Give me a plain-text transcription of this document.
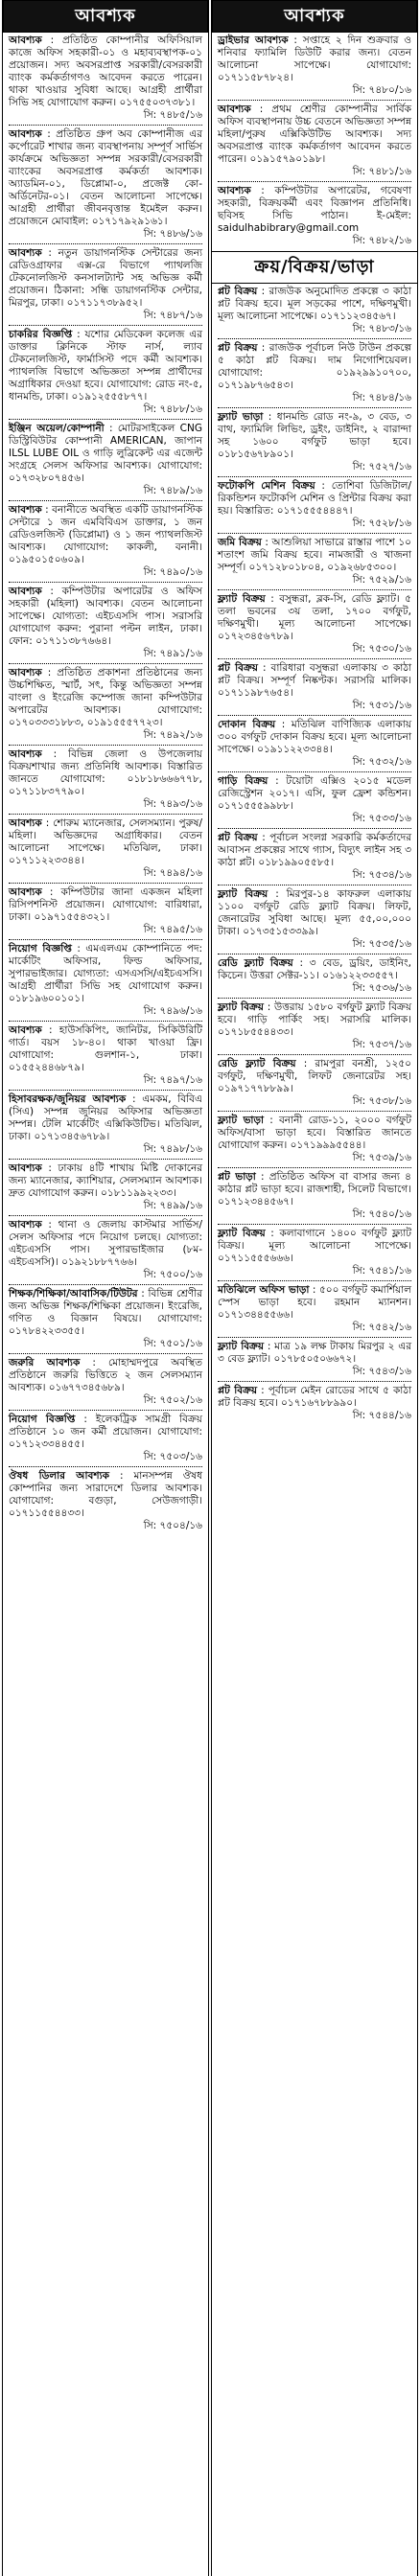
আবশ্যক
আবশ্যক : প্রতিষ্ঠিত কোম্পানীর অফিসিয়াল কাজে অফিস সহকারী-০১ ও মহাব্যবস্থাপক-০১ প্রয়োজন। সদ্য অবসরপ্রাপ্ত সরকারী/বেসরকারী ব্যাংক কর্মকর্তাগণও আবেদন করতে পারেন। থাকা খাওয়ার সুবিধা আছে। আগ্রহী প্রার্থীরা সিভি সহ যোগাযোগ করুন। ০১৭৫৫০৩৭৩৮১।
সি: ৭৪৮৫/১৬
আবশ্যক : প্রতিষ্ঠিত গ্রুপ অব কোম্পানীজ এর কর্পোরেট শাখার জন্য ব্যবস্থাপনায় সম্পূর্ণ সার্ভিস কার্যক্রমে অভিজ্ঞতা সম্পন্ন সরকারী/বেসরকারী ব্যাংকের অবসরপ্রাপ্ত কর্মকর্তা আবশ্যক। অ্যাডমিন-০১, ডিপ্লোমা-০, প্রজেক্ট কো-অর্ডিনেটর-০১। বেতন আলোচনা সাপেক্ষে। আগ্রহী প্রার্থীরা জীবনবৃত্তান্ত ইমেইল করুন। প্রয়োজনে মোবাইল: ০১৭১৭৯২৯১৬১।
সি: ৭৪৮৬/১৬
আবশ্যক : নতুন ডায়াগনস্টিক সেন্টারের জন্য রেডিওগ্রাফার এক্স-রে বিভাগে প্যাথলজি টেকনোলজিস্ট কনসালট্যান্ট সহ অভিজ্ঞ কর্মী প্রয়োজন। ঠিকানা: সন্ধি ডায়াগনস্টিক সেন্টার, মিরপুর, ঢাকা। ০১৭১১৭৩৮৯৫২।
সি: ৭৪৮৭/১৬
চাকরির বিজ্ঞপ্তি : যশোর মেডিকেল কলেজ এর ডাক্তার ক্লিনিকে স্টাফ নার্স, ল্যাব টেকনোলজিস্ট, ফার্মাসিস্ট পদে কর্মী আবশ্যক। প্যাথলজি বিভাগে অভিজ্ঞতা সম্পন্ন প্রার্থীদের অগ্রাধিকার দেওয়া হবে। যোগাযোগ: রোড নং-৫, ধানমন্ডি, ঢাকা। ০১৯১২৫৫৫৮৭৭।
সি: ৭৪৮৮/১৬
ইঞ্জিন অয়েল/কোম্পানী : মোটরসাইকেল CNG ডিস্ট্রিবিউটর কোম্পানী AMERICAN, জাপান ILSL LUBE OIL ও গাড়ি লুব্রিকেন্ট এর এজেন্ট সংগ্রহে সেলস অফিসার আবশ্যক। যোগাযোগ: ০১৭৩২৮০৭৪৫৬।
সি: ৭৪৮৯/১৬
আবশ্যক : বনানীতে অবস্থিত একটি ডায়াগনস্টিক সেন্টারে ১ জন এমবিবিএস ডাক্তার, ১ জন রেডিওলজিস্ট (ডিপ্লোমা) ও ১ জন প্যাথলজিস্ট আবশ্যক। যোগাযোগ: কাকলী, বনানী। ০১৯৫০১৫০৬০৯।
সি: ৭৪৯০/১৬
আবশ্যক : কম্পিউটার অপারেটর ও অফিস সহকারী (মহিলা) আবশ্যক। বেতন আলোচনা সাপেক্ষে। যোগ্যতা: এইচএসসি পাস। সরাসরি যোগাযোগ করুন: পুরানা পল্টন লাইন, ঢাকা। ফোন: ০১৭১১৩৮৭৬৬৪।
সি: ৭৪৯১/১৬
আবশ্যক : প্রতিষ্ঠিত প্রকাশনা প্রতিষ্ঠানের জন্য উচ্চশিক্ষিত, স্মার্ট, সৎ, কিন্তু অভিজ্ঞতা সম্পন্ন বাংলা ও ইংরেজি কম্পোজ জানা কম্পিউটার অপারেটর আবশ্যক। যোগাযোগ: ০১৭০৩৩৩১৮৮৩, ০১৯১৫৫৫৭৭২৩।
সি: ৭৪৯২/১৬
আবশ্যক : বিভিন্ন জেলা ও উপজেলায় বিক্রয়শাখার জন্য প্রতিনিধি আবশ্যক। বিস্তারিত জানতে যোগাযোগ: ০১৮১৮৬৬৬৭৭৮, ০১৭১১৮৩৭৭৯০।
সি: ৭৪৯৩/১৬
আবশ্যক : শোরুম ম্যানেজার, সেলসম্যান। পুরুষ/মহিলা। অভিজ্ঞদের অগ্রাধিকার। বেতন আলোচনা সাপেক্ষে। মতিঝিল, ঢাকা। ০১৭১১২২৩৩৪৪।
সি: ৭৪৯৪/১৬
আবশ্যক : কম্পিউটার জানা একজন মহিলা রিসিপশনিস্ট প্রয়োজন। যোগাযোগ: বারিধারা, ঢাকা। ০১৯৭১৫৫৪৩২১।
সি: ৭৪৯৫/১৬
নিয়োগ বিজ্ঞপ্তি : এমএলএম কোম্পানিতে পদ: মার্কেটিং অফিসার, ফিল্ড অফিসার, সুপারভাইজার। যোগ্যতা: এসএসসি/এইচএসসি। আগ্রহী প্রার্থীরা সিভি সহ যোগাযোগ করুন। ০১৮১৯৬০০১০১।
সি: ৭৪৯৬/১৬
আবশ্যক : হাউসকিপিং, জানিটর, সিকিউরিটি গার্ড। বয়স ১৮-৪০। থাকা খাওয়া ফ্রি। যোগাযোগ: গুলশান-১, ঢাকা। ০১৫৫২৪৪৬৮৭৯।
সি: ৭৪৯৭/১৬
হিসাবরক্ষক/জুনিয়র আবশ্যক : এমকম, বিবিএ (সিএ) সম্পন্ন জুনিয়র অফিসার অভিজ্ঞতা সম্পন্ন। টেলি মার্কেটিং এক্সিকিউটিভ। মতিঝিল, ঢাকা। ০১৭১৩৪৫৬৭৮৯।
সি: ৭৪৯৮/১৬
আবশ্যক : ঢাকায় ৪টি শাখায় মিষ্টি দোকানের জন্য ম্যানেজার, ক্যাশিয়ার, সেলসম্যান আবশ্যক। দ্রুত যোগাযোগ করুন। ০১৮১১৯৯২২৩৩।
সি: ৭৪৯৯/১৬
আবশ্যক : থানা ও জেলায় কাস্টমার সার্ভিস/সেলস অফিসার পদে নিয়োগ চলছে। যোগ্যতা: এইচএসসি পাস। সুপারভাইজার (৮ম-এইচএসসি)। ০১৯২১৮৮৭৭৬৬।
সি: ৭৫০০/১৬
শিক্ষক/শিক্ষিকা/আবাসিক/টিউটর : বিভিন্ন শ্রেণীর জন্য অভিজ্ঞ শিক্ষক/শিক্ষিকা প্রয়োজন। ইংরেজি, গণিত ও বিজ্ঞান বিষয়ে। যোগাযোগ: ০১৭৮৪২২৩৩৫৫।
সি: ৭৫০১/১৬
জরুরি আবশ্যক : মোহাম্মদপুরে অবস্থিত প্রতিষ্ঠানে জরুরি ভিত্তিতে ২ জন সেলসম্যান আবশ্যক। ০১৬৭৭৩৪৫৬৮৯।
সি: ৭৫০২/১৬
নিয়োগ বিজ্ঞপ্তি : ইলেকট্রিক সামগ্রী বিক্রয় প্রতিষ্ঠানে ১০ জন কর্মী প্রয়োজন। যোগাযোগ: ০১৭১২৩৩৪৪৫৫।
সি: ৭৫০৩/১৬
ঔষধ ডিলার আবশ্যক : মানসম্পন্ন ঔষধ কোম্পানির জন্য সারাদেশে ডিলার আবশ্যক। যোগাযোগ: বগুড়া, সেউজগাড়ী। ০১৭১১৫৫৪৪৩৩।
সি: ৭৫০৪/১৬
আবশ্যক
ড্রাইভার আবশ্যক : সপ্তাহে ২ দিন শুক্রবার ও শনিবার ফ্যামিলি ডিউটি করার জন্য। বেতন আলোচনা সাপেক্ষে। যোগাযোগ: ০১৭১১৫৮৭৮২৪।
সি: ৭৪৮০/১৬
আবশ্যক : প্রথম শ্রেণীর কোম্পানীর সার্বিক অফিস ব্যবস্থাপনায় উচ্চ বেতনে অভিজ্ঞতা সম্পন্ন মহিলা/পুরুষ এক্সিকিউটিভ আবশ্যক। সদ্য অবসরপ্রাপ্ত ব্যাংক কর্মকর্তাগণ আবেদন করতে পারেন। ০১৯১৫৭৯০১৯৮।
সি: ৭৪৮১/১৬
আবশ্যক : কম্পিউটার অপারেটর, গবেষণা সহকারী, বিক্রয়কর্মী এবং বিজ্ঞাপন প্রতিনিধি। ছবিসহ সিভি পাঠান। ই-মেইল: saidulhabibrary@gmail.com
সি: ৭৪৮২/১৬
ক্রয়/বিক্রয়/ভাড়া
প্লট বিক্রয় : রাজউক অনুমোদিত প্রকল্পে ৩ কাঠা প্লট বিক্রয় হবে। মূল সড়কের পাশে, দক্ষিণমুখী। মূল্য আলোচনা সাপেক্ষে। ০১৭১১২৩৪৫৬৭।
সি: ৭৪৮৩/১৬
প্লট বিক্রয় : রাজউক পূর্বাচল নিউ টাউন প্রকল্পে ৫ কাঠা প্লট বিক্রয়। দাম নিগোশিয়েবল। যোগাযোগ: ০১৯২৯৯১০৭০০, ০১৭১৯৮৭৬৫৪৩।
সি: ৭৪৮৪/১৬
ফ্ল্যাট ভাড়া : ধানমন্ডি রোড নং-৯, ৩ বেড, ৩ বাথ, ফ্যামিলি লিভিং, ড্রইং, ডাইনিং, ২ বারান্দা সহ ১৬০০ বর্গফুট ভাড়া হবে। ০১৮১৫৬৭৮৯০১।
সি: ৭৫২৭/১৬
ফটোকপি মেশিন বিক্রয় : তোশিবা ডিজিটাল/রিকন্ডিশন ফটোকপি মেশিন ও প্রিন্টার বিক্রয় করা হয়। বিস্তারিত: ০১৭১৫৫৫৪৪৪৭।
সি: ৭৫২৮/১৬
জমি বিক্রয় : আশুলিয়া সাভারে রাস্তার পাশে ১০ শতাংশ জমি বিক্রয় হবে। নামজারী ও খাজনা সম্পূর্ণ। ০১৭১২৮০১৮০৪, ০১৯২৬৮৫৩০০।
সি: ৭৫২৯/১৬
ফ্ল্যাট বিক্রয় : বসুন্ধরা, ব্লক-সি, রেডি ফ্ল্যাট। ৫ তলা ভবনের ৩য় তলা, ১৭০০ বর্গফুট, দক্ষিণমুখী। মূল্য আলোচনা সাপেক্ষে। ০১৭২৩৪৫৬৭৮৯।
সি: ৭৫৩০/১৬
প্লট বিক্রয় : বারিধারা বসুন্ধরা এলাকায় ৩ কাঠা প্লট বিক্রয়। সম্পূর্ণ নিষ্কণ্টক। সরাসরি মালিক। ০১৭১১৯৮৭৬৫৪।
সি: ৭৫৩১/১৬
দোকান বিক্রয় : মতিঝিল বাণিজ্যিক এলাকায় ৩০০ বর্গফুট দোকান বিক্রয় হবে। মূল্য আলোচনা সাপেক্ষে। ০১৯১১২২৩৩৪৪।
সি: ৭৫৩২/১৬
গাড়ি বিক্রয় : টয়োটা এক্সিও ২০১৫ মডেল রেজিস্ট্রেশন ২০১৭। এসি, ফুল ফ্রেশ কন্ডিশন। ০১৭১৫৫৫৯৯৮৮।
সি: ৭৫৩৩/১৬
প্লট বিক্রয় : পূর্বাচল সংলগ্ন সরকারি কর্মকর্তাদের আবাসন প্রকল্পের সাথে গ্যাস, বিদ্যুৎ লাইন সহ ৩ কাঠা প্লট। ০১৮১৯৯০৫৫৮৫।
সি: ৭৫৩৪/১৬
ফ্ল্যাট বিক্রয় : মিরপুর-১৪ কাফরুল এলাকায় ১১০০ বর্গফুট রেডি ফ্ল্যাট বিক্রয়। লিফট, জেনারেটর সুবিধা আছে। মূল্য ৫৫,০০,০০০ টাকা। ০১৭৩৫১৫৩৩৯৯।
সি: ৭৫৩৫/১৬
রেডি ফ্ল্যাট বিক্রয় : ৩ বেড, ড্রয়িং, ডাইনিং, কিচেন। উত্তরা সেক্টর-১১। ০১৬১২২৩৩৫৫৭।
সি: ৭৫৩৬/১৬
ফ্ল্যাট বিক্রয় : উত্তরায় ১৫৮০ বর্গফুট ফ্ল্যাট বিক্রয় হবে। গাড়ি পার্কিং সহ। সরাসরি মালিক। ০১৭১৮৫৫৪৪৩৩।
সি: ৭৫৩৭/১৬
রেডি ফ্ল্যাট বিক্রয় : রামপুরা বনশ্রী, ১২৫০ বর্গফুট, দক্ষিণমুখী, লিফট জেনারেটর সহ। ০১৯৭১৭৭৮৮৯৯।
সি: ৭৫৩৮/১৬
ফ্ল্যাট ভাড়া : বনানী রোড-১১, ২০০০ বর্গফুট অফিস/বাসা ভাড়া হবে। বিস্তারিত জানতে যোগাযোগ করুন। ০১৭১৯৯৯৫৫৪৪।
সি: ৭৫৩৯/১৬
প্লট ভাড়া : প্রতিষ্ঠিত অফিস বা বাসার জন্য ৪ কাঠার প্লট ভাড়া হবে। রাজশাহী, সিলেট বিভাগে। ০১৭১২৩৪৪৫৬৭।
সি: ৭৫৪০/১৬
ফ্ল্যাট বিক্রয় : কলাবাগানে ১৪০০ বর্গফুট ফ্ল্যাট বিক্রয়। মূল্য আলোচনা সাপেক্ষে। ০১৭১১৫৫৫৬৬৬।
সি: ৭৫৪১/১৬
মতিঝিলে অফিস ভাড়া : ৫০০ বর্গফুট কমার্শিয়াল স্পেস ভাড়া হবে। রহমান ম্যানশন। ০১৭১৩৪৪৫৫৬৬।
সি: ৭৫৪২/১৬
ফ্ল্যাট বিক্রয় : মাত্র ১৯ লক্ষ টাকায় মিরপুর ২ এর ৩ বেড ফ্ল্যাট। ০১৭৮৫০৫০৬৬৭২।
সি: ৭৫৪৩/১৬
প্লট বিক্রয় : পূর্বাচল মেইন রোডের সাথে ৫ কাঠা প্লট বিক্রয় হবে। ০১৭১৬৭৮৮৯৯০।
সি: ৭৫৪৪/১৬
